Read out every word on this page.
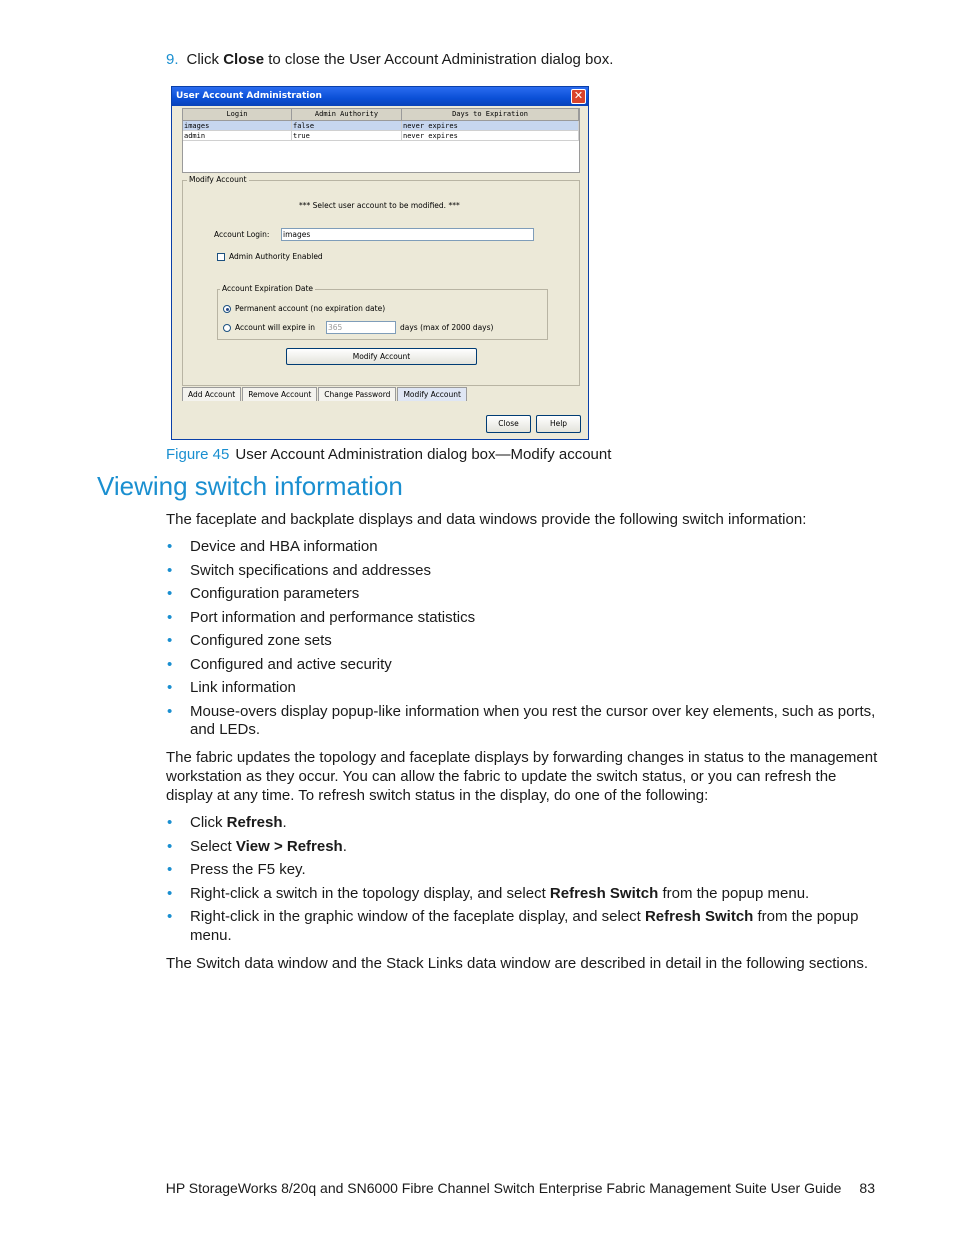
9. Click Close to close the User Account Administration dialog box.
User Account Administration	✕
Login	Admin Authority	Days to Expiration
images	false	never expires
admin	true	never expires
Modify Account
*** Select user account to be modified. ***
Account Login: images
Admin Authority Enabled
Account Expiration Date
Permanent account (no expiration date)
Account will expire in 365	days (max of 2000 days)
Modify Account
Add Account	Remove Account	Change Password	Modify Account
Close	Help
Figure 45 User Account Administration dialog box—Modify account
Viewing switch information
The faceplate and backplate displays and data windows provide the following switch information:
• Device and HBA information
• Switch specifications and addresses
• Configuration parameters
• Port information and performance statistics
• Configured zone sets
• Configured and active security
• Link information
• Mouse-overs display popup-like information when you rest the cursor over key elements, such as ports, and LEDs.
The fabric updates the topology and faceplate displays by forwarding changes in status to the management workstation as they occur. You can allow the fabric to update the switch status, or you can refresh the display at any time. To refresh switch status in the display, do one of the following:
• Click Refresh.
• Select View > Refresh.
• Press the F5 key.
• Right-click a switch in the topology display, and select Refresh Switch from the popup menu.
• Right-click in the graphic window of the faceplate display, and select Refresh Switch from the popup menu.
The Switch data window and the Stack Links data window are described in detail in the following sections.
HP StorageWorks 8/20q and SN6000 Fibre Channel Switch Enterprise Fabric Management Suite User Guide 83
